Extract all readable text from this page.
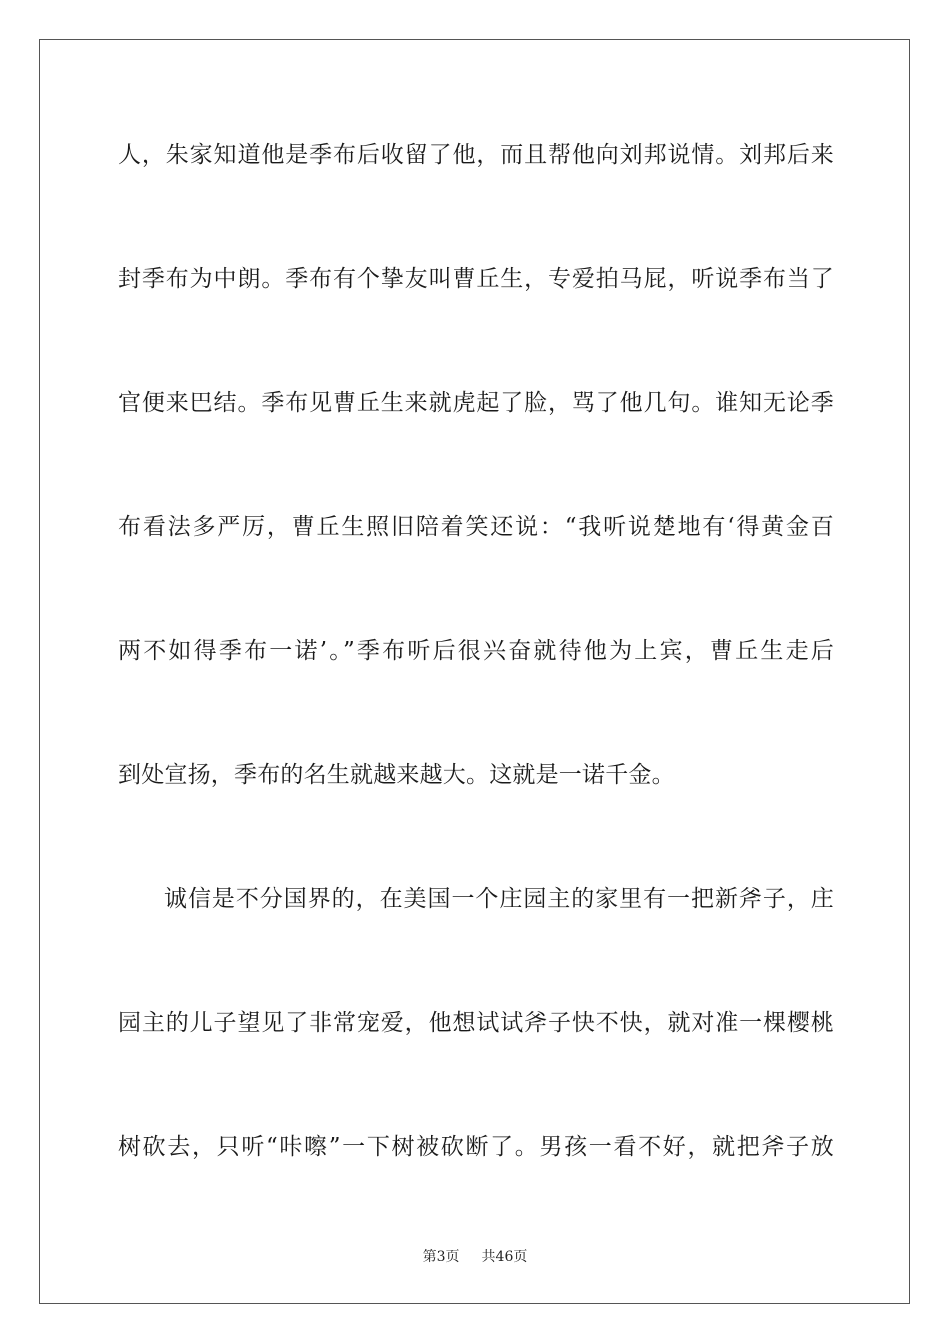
人，朱家知道他是季布后收留了他，而且帮他向刘邦说情。刘邦后来
封季布为中朗。季布有个挚友叫曹丘生，专爱拍马屁，听说季布当了
官便来巴结。季布见曹丘生来就虎起了脸，骂了他几句。谁知无论季
布看法多严厉，曹丘生照旧陪着笑还说：“我听说楚地有‘得黄金百
两不如得季布一诺’。”季布听后很兴奋就待他为上宾，曹丘生走后
到处宣扬，季布的名生就越来越大。这就是一诺千金。
诚信是不分国界的，在美国一个庄园主的家里有一把新斧子，庄
园主的儿子望见了非常宠爱，他想试试斧子快不快，就对准一棵樱桃
树砍去，只听“咔嚓”一下树被砍断了。男孩一看不好，就把斧子放
第3页 共46页
